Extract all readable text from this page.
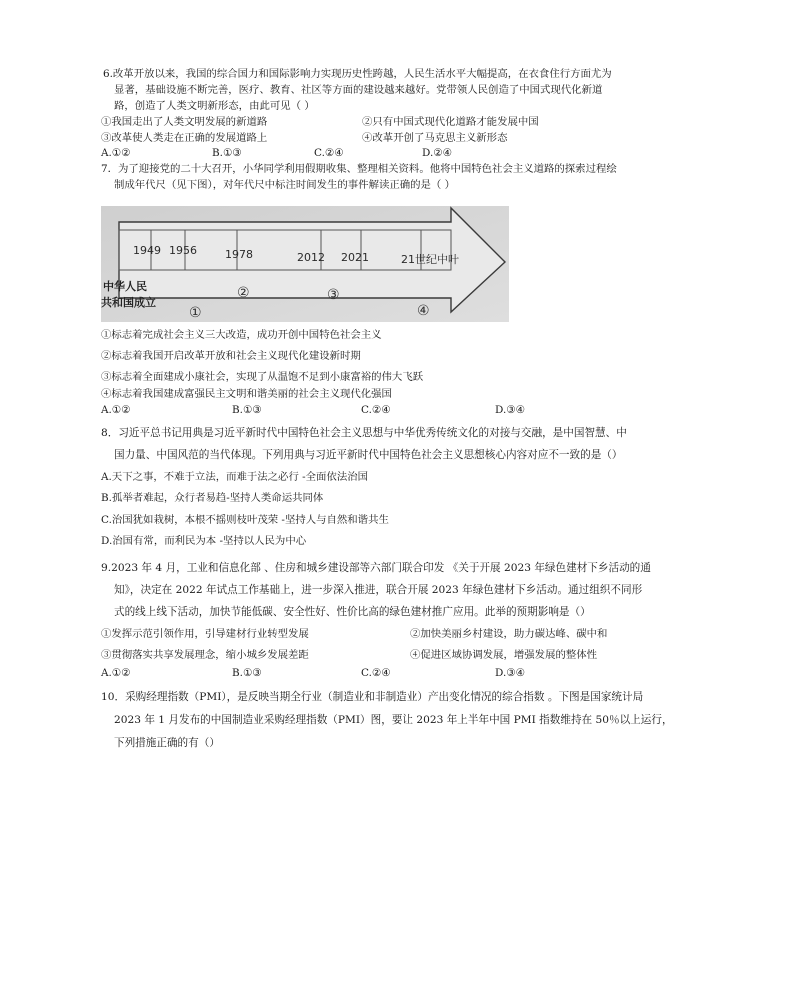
6.改革开放以来，我国的综合国力和国际影响力实现历史性跨越，人民生活水平大幅提高，在衣食住行方面尤为
显著，基础设施不断完善，医疗、教育、社区等方面的建设越来越好。党带领人民创造了中国式现代化新道
路，创造了人类文明新形态，由此可见（ ）
①我国走出了人类文明发展的新道路	②只有中国式现代化道路才能发展中国
③改革使人类走在正确的发展道路上	④改革开创了马克思主义新形态
A.①②	B.①③	C.②④	D.②④
7．为了迎接党的二十大召开，小华同学利用假期收集、整理相关资料。他将中国特色社会主义道路的探索过程绘
制成年代尺（见下图），对年代尺中标注时间发生的事件解读正确的是（ ）
1949 1956	1978	2012 2021	21世纪中叶
中华人民
共和国成立
①
②	③
④
①标志着完成社会主义三大改造，成功开创中国特色社会主义
②标志着我国开启改革开放和社会主义现代化建设新时期
③标志着全面建成小康社会，实现了从温饱不足到小康富裕的伟大飞跃
④标志着我国建成富强民主文明和谐美丽的社会主义现代化强国
A.①②	B.①③	C.②④	D.③④
8．习近平总书记用典是习近平新时代中国特色社会主义思想与中华优秀传统文化的对接与交融，是中国智慧、中
国力量、中国风范的当代体现。下列用典与习近平新时代中国特色社会主义思想核心内容对应不一致的是（）
A.天下之事，不难于立法，而难于法之必行 -全面依法治国
B.孤举者难起，众行者易趋-坚持人类命运共同体
C.治国犹如栽树，本根不摇则枝叶茂荣 -坚持人与自然和谐共生
D.治国有常，而利民为本 -坚持以人民为中心
9.2023 年 4 月，工业和信息化部 、住房和城乡建设部等六部门联合印发 《关于开展 2023 年绿色建材下乡活动的通
知》，决定在 2022 年试点工作基础上，进一步深入推进，联合开展 2023 年绿色建材下乡活动。通过组织不同形
式的线上线下活动，加快节能低碳、安全性好、性价比高的绿色建材推广应用。此举的预期影响是（）
①发挥示范引领作用，引导建材行业转型发展	②加快美丽乡村建设，助力碳达峰、碳中和
③贯彻落实共享发展理念，缩小城乡发展差距	④促进区域协调发展，增强发展的整体性
A.①②	B.①③	C.②④	D.③④
10．采购经理指数（PMI），是反映当期全行业（制造业和非制造业）产出变化情况的综合指数 。下图是国家统计局
2023 年 1 月发布的中国制造业采购经理指数（PMI）图，要让 2023 年上半年中国 PMI 指数维持在 50％以上运行，
下列措施正确的有（）
